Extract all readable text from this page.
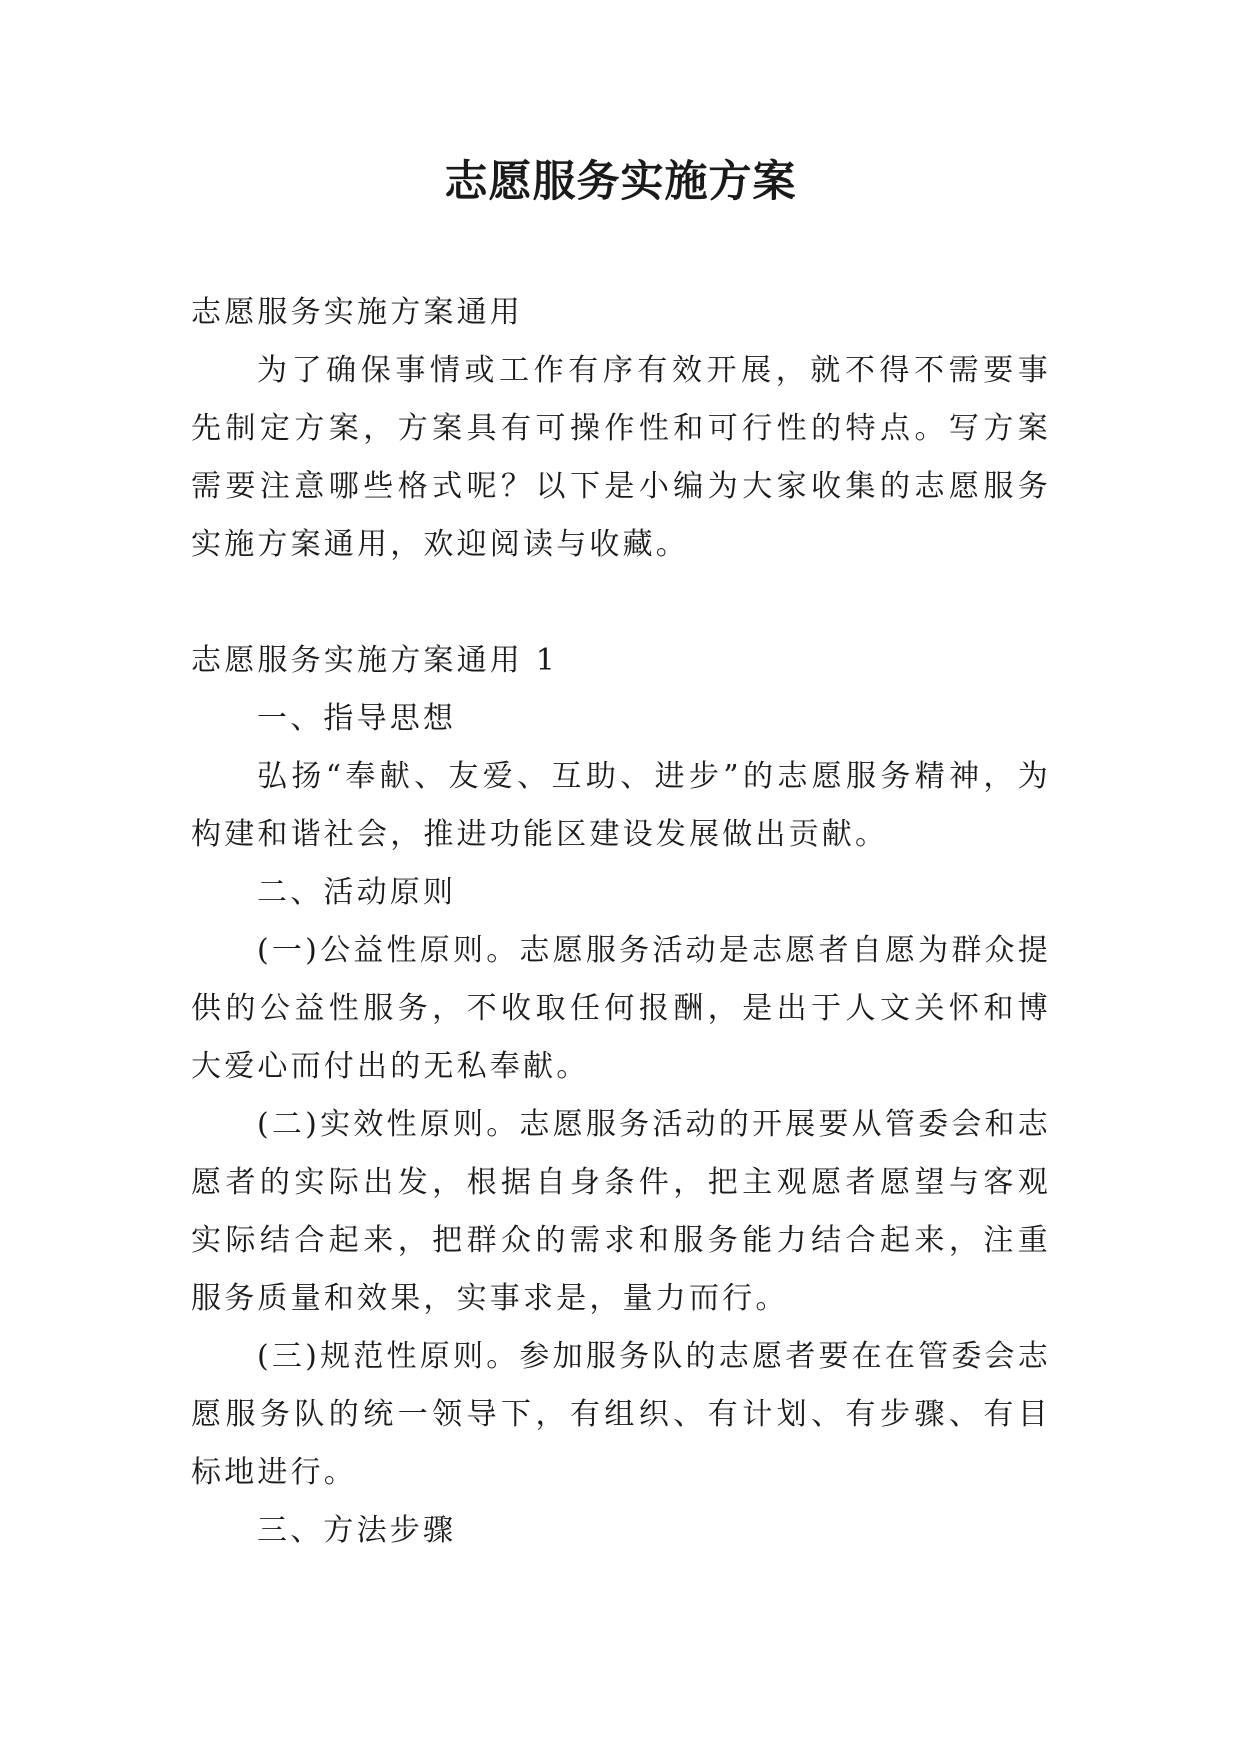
志愿服务实施方案

志愿服务实施方案通用

为了确保事情或工作有序有效开展，就不得不需要事先制定方案，方案具有可操作性和可行性的特点。写方案需要注意哪些格式呢？以下是小编为大家收集的志愿服务实施方案通用，欢迎阅读与收藏。

志愿服务实施方案通用 1

一、指导思想

弘扬“奉献、友爱、互助、进步”的志愿服务精神，为构建和谐社会，推进功能区建设发展做出贡献。

二、活动原则

(一)公益性原则。志愿服务活动是志愿者自愿为群众提供的公益性服务，不收取任何报酬，是出于人文关怀和博大爱心而付出的无私奉献。

(二)实效性原则。志愿服务活动的开展要从管委会和志愿者的实际出发，根据自身条件，把主观愿者愿望与客观实际结合起来，把群众的需求和服务能力结合起来，注重服务质量和效果，实事求是，量力而行。

(三)规范性原则。参加服务队的志愿者要在在管委会志愿服务队的统一领导下，有组织、有计划、有步骤、有目标地进行。

三、方法步骤
